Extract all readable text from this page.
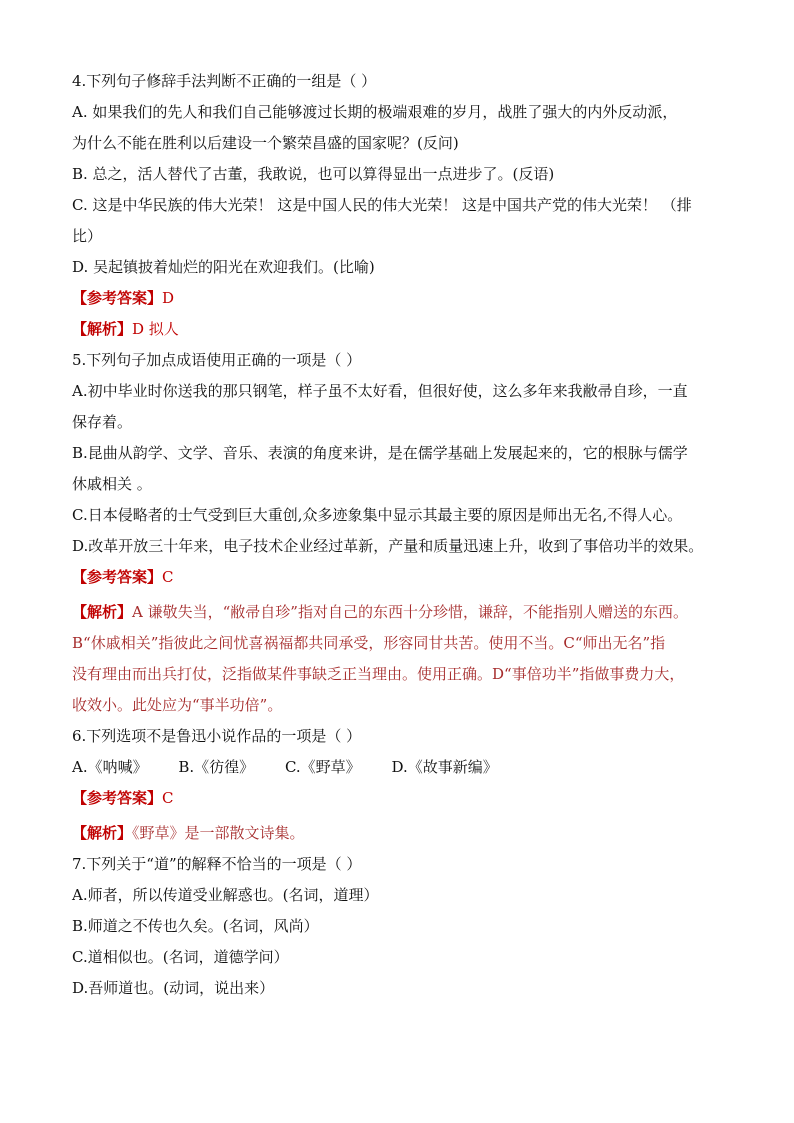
4.下列句子修辞手法判断不正确的一组是（ ）

A. 如果我们的先人和我们自己能够渡过长期的极端艰难的岁月，战胜了强大的内外反动派，

为什么不能在胜利以后建设一个繁荣昌盛的国家呢？(反问)

B. 总之，活人替代了古董，我敢说，也可以算得显出一点进步了。(反语)

C. 这是中华民族的伟大光荣！ 这是中国人民的伟大光荣！ 这是中国共产党的伟大光荣！ （排

比）

D. 吴起镇披着灿烂的阳光在欢迎我们。(比喻)

【参考答案】D

【解析】D 拟人

5.下列句子加点成语使用正确的一项是（ ）

A.初中毕业时你送我的那只钢笔，样子虽不太好看，但很好使，这么多年来我敝帚自珍，一直

保存着。

B.昆曲从韵学、文学、音乐、表演的角度来讲，是在儒学基础上发展起来的，它的根脉与儒学

休戚相关 。

C.日本侵略者的士气受到巨大重创,众多迹象集中显示其最主要的原因是师出无名,不得人心。

D.改革开放三十年来，电子技术企业经过革新，产量和质量迅速上升，收到了事倍功半的效果。

【参考答案】C

【解析】A 谦敬失当，“敝帚自珍”指对自己的东西十分珍惜，谦辞，不能指别人赠送的东西。

B“休戚相关”指彼此之间忧喜祸福都共同承受，形容同甘共苦。使用不当。C“师出无名”指

没有理由而出兵打仗，泛指做某件事缺乏正当理由。使用正确。D“事倍功半”指做事费力大，

收效小。此处应为“事半功倍”。

6.下列选项不是鲁迅小说作品的一项是（ ）

A.《呐喊》 B.《彷徨》 C.《野草》 D.《故事新编》

【参考答案】C

【解析】《野草》是一部散文诗集。

7.下列关于“道”的解释不恰当的一项是（ ）

A.师者，所以传道受业解惑也。(名词，道理）

B.师道之不传也久矣。(名词，风尚）

C.道相似也。(名词，道德学问）

D.吾师道也。(动词，说出来）
